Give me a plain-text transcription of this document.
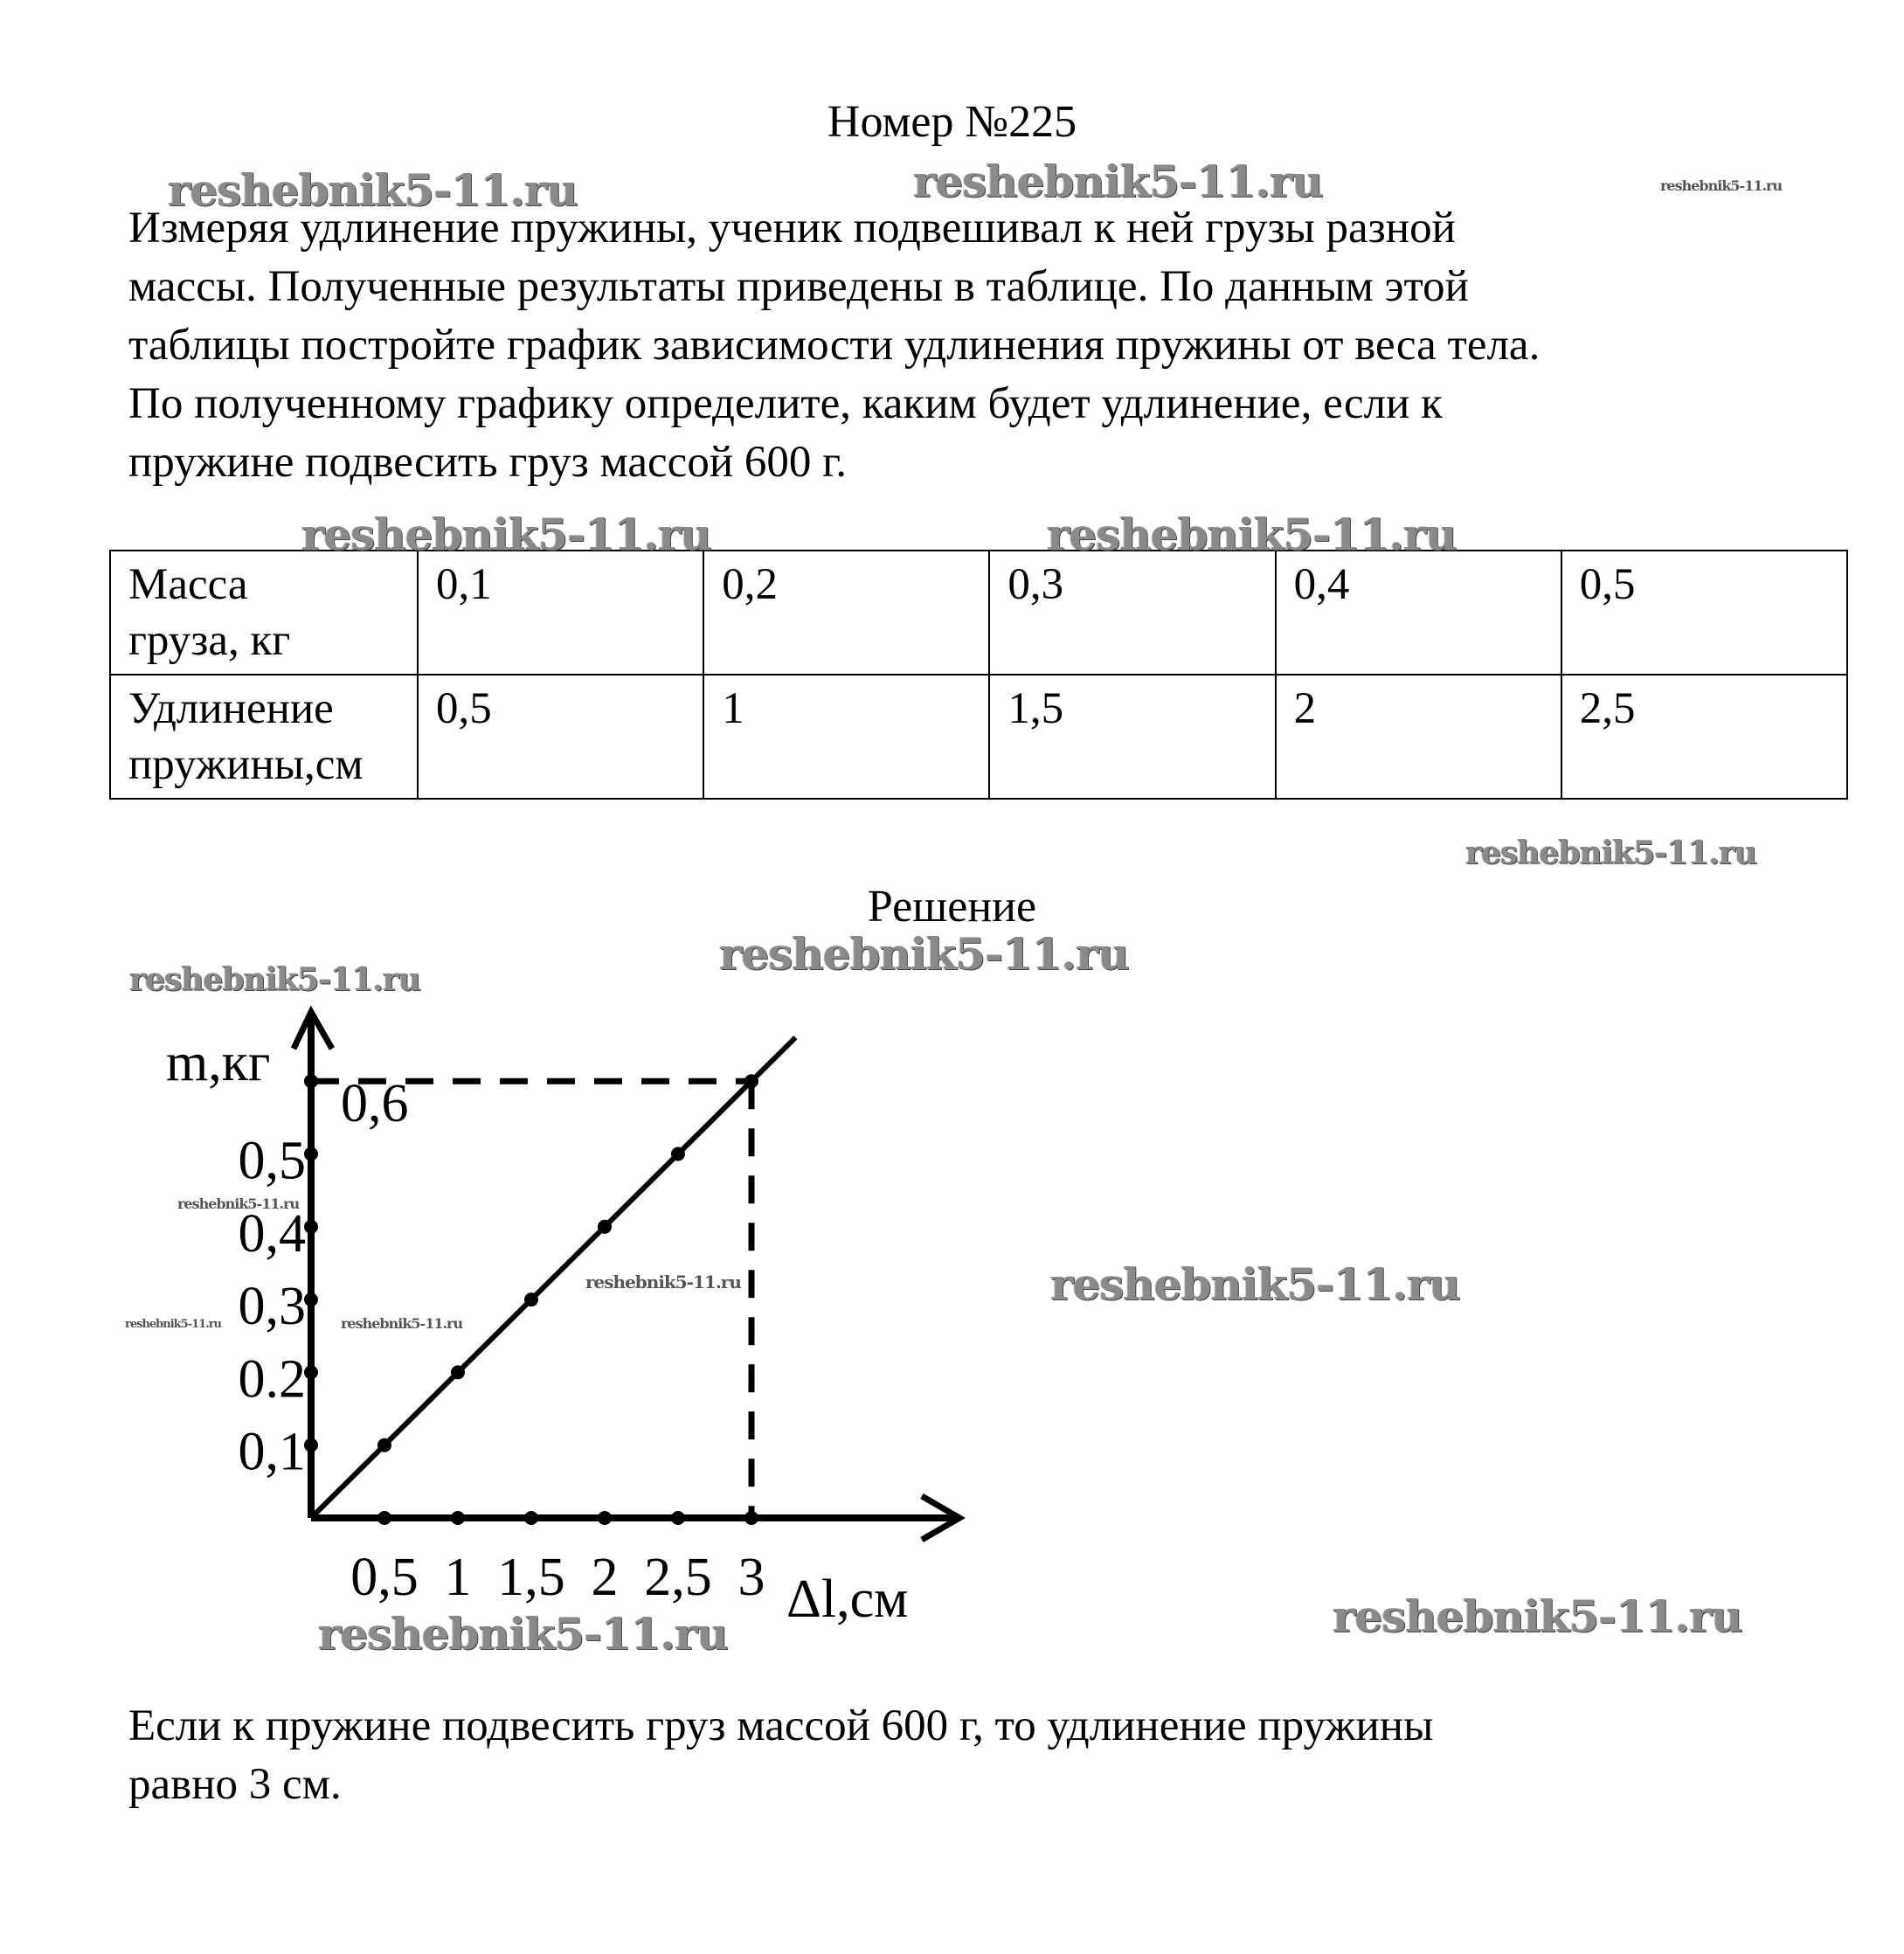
Номер №225
Измеряя удлинение пружины, ученик подвешивал к ней грузы разной
массы. Полученные результаты приведены в таблице. По данным этой
таблицы постройте график зависимости удлинения пружины от веса тела.
По полученному графику определите, каким будет удлинение, если к
пружине подвесить груз массой 600 г.
Масса
груза, кг	0,1	0,2	0,3	0,4	0,5
Удлинение
пружины,см	0,5	1	1,5	2	2,5
Решение
0,5 1 1,5 2 2,5 3
0,1
0.2
0,3
0,4
0,5
0,6
m,кг
Δl,см
Если к пружине подвесить груз массой 600 г, то удлинение пружины
равно 3 см.
reshebnik5-11.ru	reshebnik5-11.ru	reshebnik5-11.ru
reshebnik5-11.ru	reshebnik5-11.ru
reshebnik5-11.ru
reshebnik5-11.ru
reshebnik5-11.ru
reshebnik5-11.ru
reshebnik5-11.ru
reshebnik5-11.ru	reshebnik5-11.ru
reshebnik5-11.ru
reshebnik5-11.ru	reshebnik5-11.ru
